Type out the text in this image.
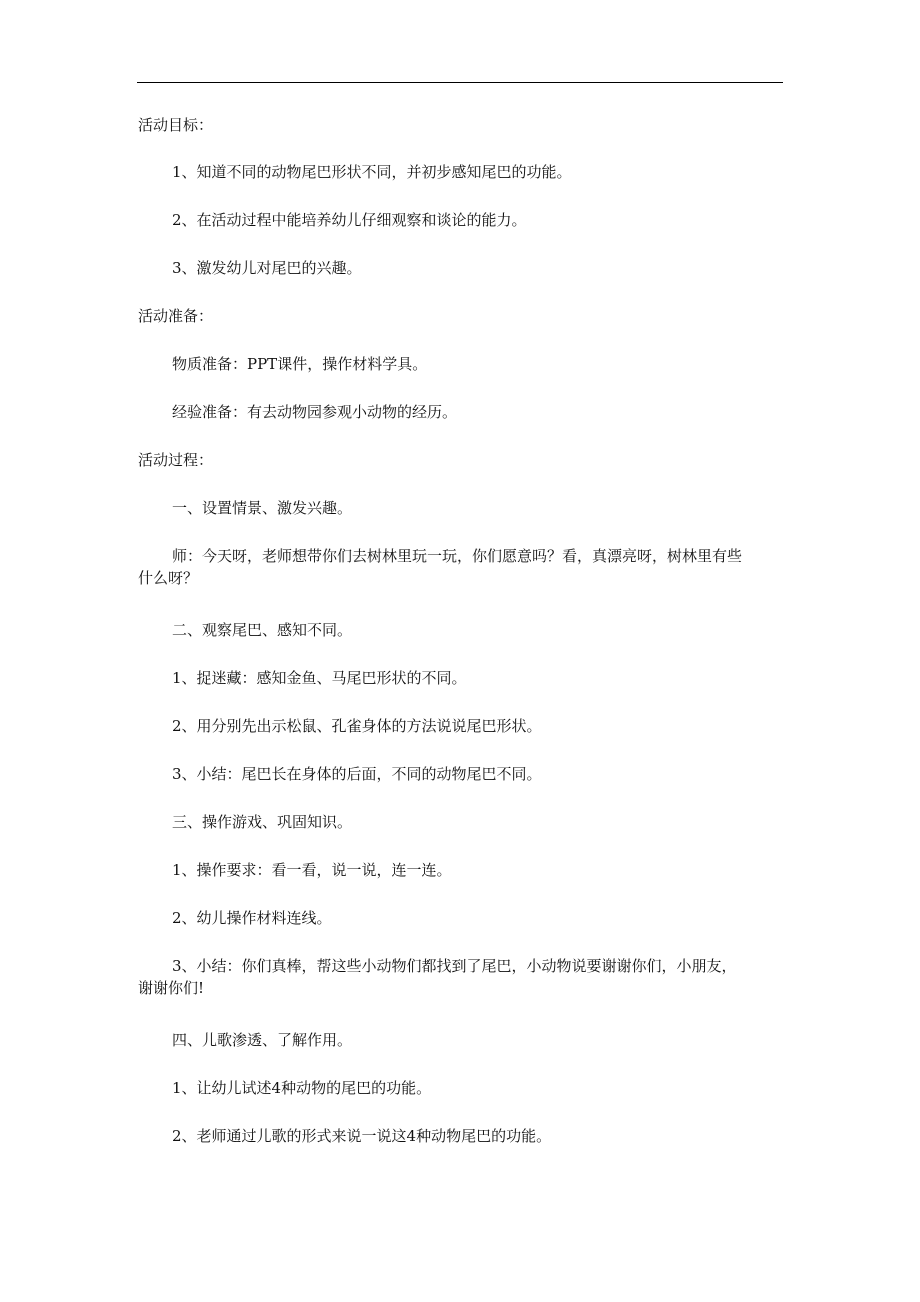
活动目标：
1、知道不同的动物尾巴形状不同，并初步感知尾巴的功能。
2、在活动过程中能培养幼儿仔细观察和谈论的能力。
3、激发幼儿对尾巴的兴趣。
活动准备：
物质准备：PPT课件，操作材料学具。
经验准备：有去动物园参观小动物的经历。
活动过程：
一、设置情景、激发兴趣。
师：今天呀，老师想带你们去树林里玩一玩，你们愿意吗？看，真漂亮呀，树林里有些什么呀？
二、观察尾巴、感知不同。
1、捉迷藏：感知金鱼、马尾巴形状的不同。
2、用分别先出示松鼠、孔雀身体的方法说说尾巴形状。
3、小结：尾巴长在身体的后面，不同的动物尾巴不同。
三、操作游戏、巩固知识。
1、操作要求：看一看，说一说，连一连。
2、幼儿操作材料连线。
3、小结：你们真棒，帮这些小动物们都找到了尾巴，小动物说要谢谢你们，小朋友，谢谢你们!
四、儿歌渗透、了解作用。
1、让幼儿试述4种动物的尾巴的功能。
2、老师通过儿歌的形式来说一说这4种动物尾巴的功能。
